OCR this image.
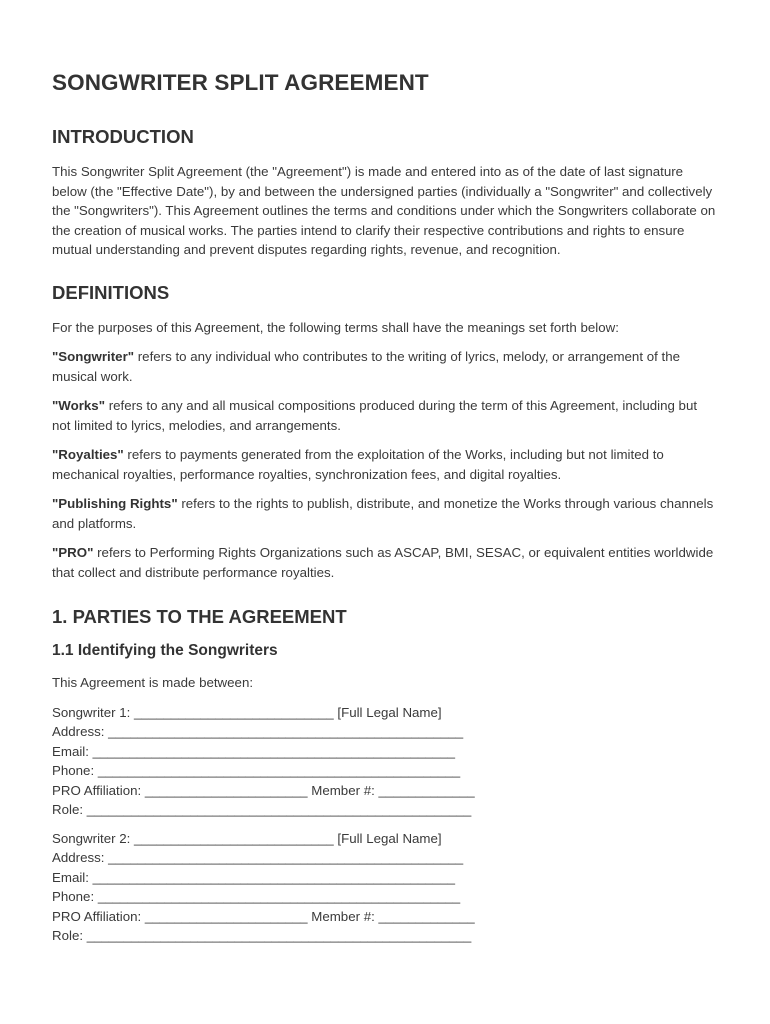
SONGWRITER SPLIT AGREEMENT
INTRODUCTION

This Songwriter Split Agreement (the "Agreement") is made and entered into as of the date of last signature below (the "Effective Date"), by and between the undersigned parties (individually a "Songwriter" and collectively the "Songwriters"). This Agreement outlines the terms and conditions under which the Songwriters collaborate on the creation of musical works. The parties intend to clarify their respective contributions and rights to ensure mutual understanding and prevent disputes regarding rights, revenue, and recognition.

DEFINITIONS

For the purposes of this Agreement, the following terms shall have the meanings set forth below:

"Songwriter" refers to any individual who contributes to the writing of lyrics, melody, or arrangement of the musical work.

"Works" refers to any and all musical compositions produced during the term of this Agreement, including but not limited to lyrics, melodies, and arrangements.

"Royalties" refers to payments generated from the exploitation of the Works, including but not limited to mechanical royalties, performance royalties, synchronization fees, and digital royalties.

"Publishing Rights" refers to the rights to publish, distribute, and monetize the Works through various channels and platforms.

"PRO" refers to Performing Rights Organizations such as ASCAP, BMI, SESAC, or equivalent entities worldwide that collect and distribute performance royalties.

1. PARTIES TO THE AGREEMENT
1.1 Identifying the Songwriters

This Agreement is made between:

Songwriter 1: ___________________________ [Full Legal Name]
Address: ________________________________________________
Email: _________________________________________________
Phone: _________________________________________________
PRO Affiliation: ______________________ Member #: _____________
Role: ____________________________________________________
Songwriter 2: ___________________________ [Full Legal Name]
Address: ________________________________________________
Email: _________________________________________________
Phone: _________________________________________________
PRO Affiliation: ______________________ Member #: _____________
Role: ____________________________________________________
